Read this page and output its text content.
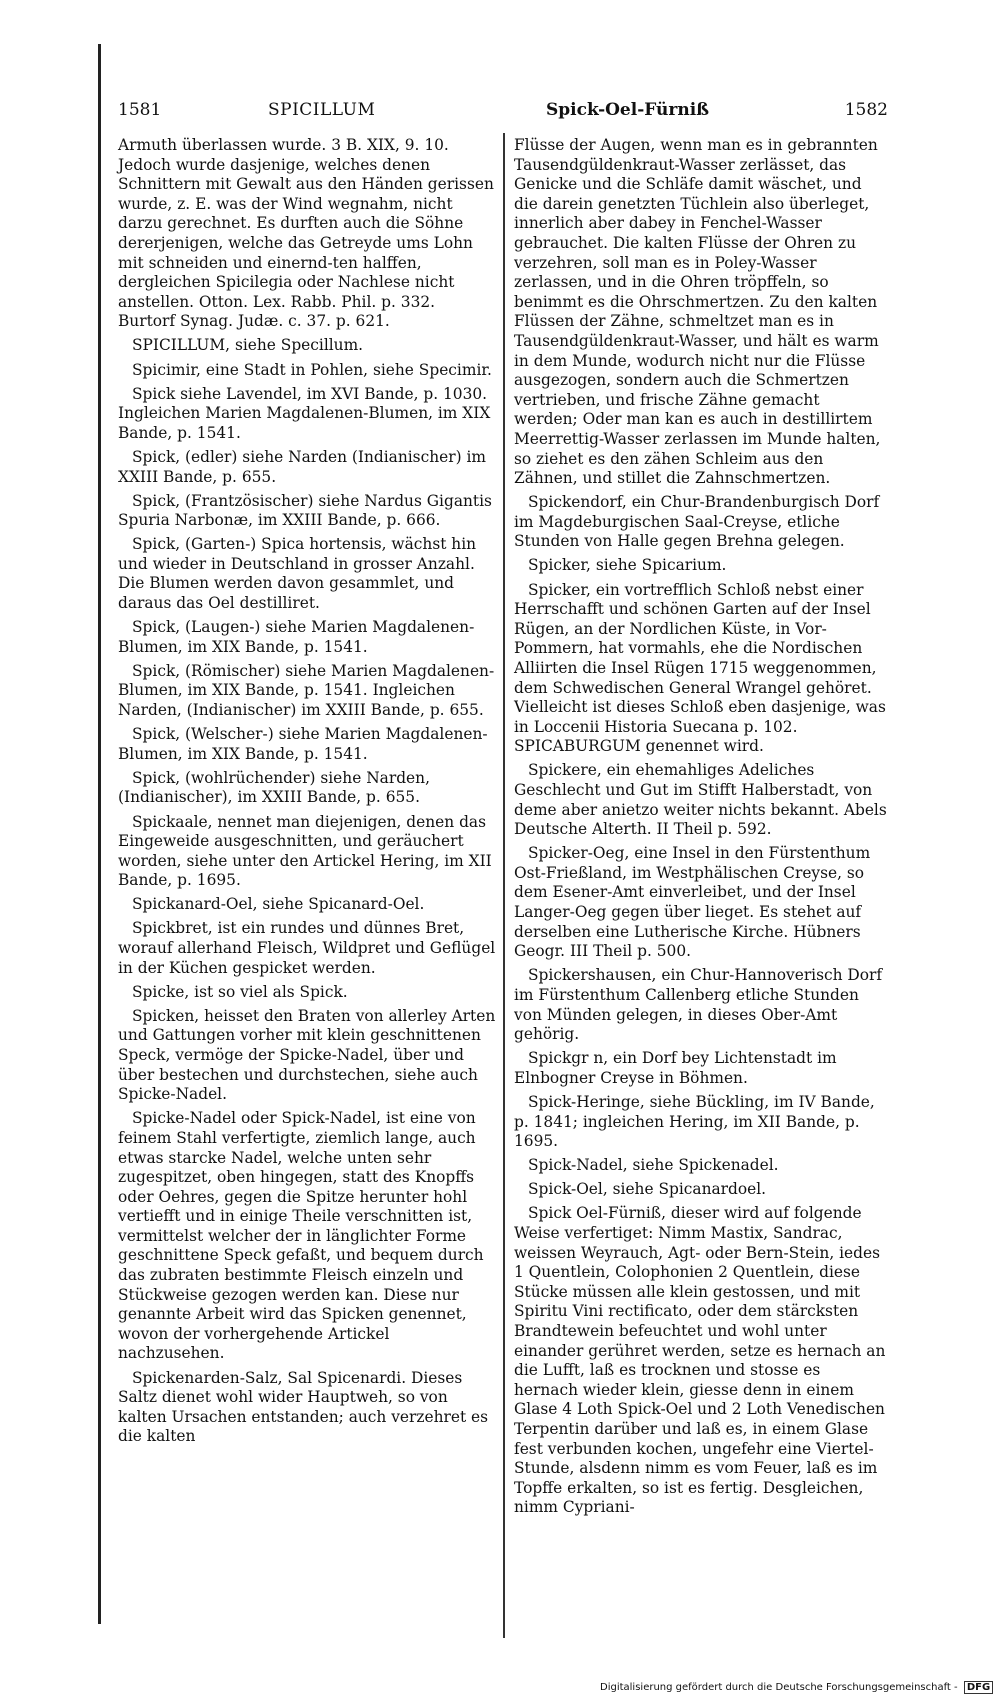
1581	SPICILLUM	Spick-Oel-Fürniß	1582

Armuth überlassen wurde. 3 B. XIX, 9. 10. Jedoch wurde dasjenige, welches denen Schnittern mit Gewalt aus den Händen gerissen wurde, z. E. was der Wind wegnahm, nicht darzu gerechnet. Es durften auch die Söhne dererjenigen, welche das Getreyde ums Lohn mit schneiden und einernd-ten halffen, dergleichen Spicilegia oder Nachlese nicht anstellen. Otton. Lex. Rabb. Phil. p. 332. Burtorf Synag. Judæ. c. 37. p. 621.

SPICILLUM, siehe Specillum.

Spicimir, eine Stadt in Pohlen, siehe Specimir.

Spick siehe Lavendel, im XVI Bande, p. 1030. Ingleichen Marien Magdalenen-Blumen, im XIX Bande, p. 1541.

Spick, (edler) siehe Narden (Indianischer) im XXIII Bande, p. 655.

Spick, (Frantzösischer) siehe Nardus Gigantis Spuria Narbonæ, im XXIII Bande, p. 666.

Spick, (Garten-) Spica hortensis, wächst hin und wieder in Deutschland in grosser Anzahl. Die Blumen werden davon gesammlet, und daraus das Oel destilliret.

Spick, (Laugen-) siehe Marien Magdalenen-Blumen, im XIX Bande, p. 1541.

Spick, (Römischer) siehe Marien Magdalenen-Blumen, im XIX Bande, p. 1541. Ingleichen Narden, (Indianischer) im XXIII Bande, p. 655.

Spick, (Welscher-) siehe Marien Magdalenen-Blumen, im XIX Bande, p. 1541.

Spick, (wohlrüchender) siehe Narden, (Indianischer), im XXIII Bande, p. 655.

Spickaale, nennet man diejenigen, denen das Eingeweide ausgeschnitten, und geräuchert worden, siehe unter den Artickel Hering, im XII Bande, p. 1695.

Spickanard-Oel, siehe Spicanard-Oel.

Spickbret, ist ein rundes und dünnes Bret, worauf allerhand Fleisch, Wildpret und Geflügel in der Küchen gespicket werden.

Spicke, ist so viel als Spick.

Spicken, heisset den Braten von allerley Arten und Gattungen vorher mit klein geschnittenen Speck, vermöge der Spicke-Nadel, über und über bestechen und durchstechen, siehe auch Spicke-Nadel.

Spicke-Nadel oder Spick-Nadel, ist eine von feinem Stahl verfertigte, ziemlich lange, auch etwas starcke Nadel, welche unten sehr zugespitzet, oben hingegen, statt des Knopffs oder Oehres, gegen die Spitze herunter hohl vertiefft und in einige Theile verschnitten ist, vermittelst welcher der in länglichter Forme geschnittene Speck gefaßt, und bequem durch das zubraten bestimmte Fleisch einzeln und Stückweise gezogen werden kan. Diese nur genannte Arbeit wird das Spicken genennet, wovon der vorhergehende Artickel nachzusehen.

Spickenarden-Salz, Sal Spicenardi. Dieses Saltz dienet wohl wider Hauptweh, so von kalten Ursachen entstanden; auch verzehret es die kalten

Flüsse der Augen, wenn man es in gebrannten Tausendgüldenkraut-Wasser zerlässet, das Genicke und die Schläfe damit wäschet, und die darein genetzten Tüchlein also überleget, innerlich aber dabey in Fenchel-Wasser gebrauchet. Die kalten Flüsse der Ohren zu verzehren, soll man es in Poley-Wasser zerlassen, und in die Ohren tröpffeln, so benimmt es die Ohrschmertzen. Zu den kalten Flüssen der Zähne, schmeltzet man es in Tausendgüldenkraut-Wasser, und hält es warm in dem Munde, wodurch nicht nur die Flüsse ausgezogen, sondern auch die Schmertzen vertrieben, und frische Zähne gemacht werden; Oder man kan es auch in destillirtem Meerrettig-Wasser zerlassen im Munde halten, so ziehet es den zähen Schleim aus den Zähnen, und stillet die Zahnschmertzen.

Spickendorf, ein Chur-Brandenburgisch Dorf im Magdeburgischen Saal-Creyse, etliche Stunden von Halle gegen Brehna gelegen.

Spicker, siehe Spicarium.

Spicker, ein vortrefflich Schloß nebst einer Herrschafft und schönen Garten auf der Insel Rügen, an der Nordlichen Küste, in Vor-Pommern, hat vormahls, ehe die Nordischen Alliirten die Insel Rügen 1715 weggenommen, dem Schwedischen General Wrangel gehöret. Vielleicht ist dieses Schloß eben dasjenige, was in Loccenii Historia Suecana p. 102. SPICABURGUM genennet wird.

Spickere, ein ehemahliges Adeliches Geschlecht und Gut im Stifft Halberstadt, von deme aber anietzo weiter nichts bekannt. Abels Deutsche Alterth. II Theil p. 592.

Spicker-Oeg, eine Insel in den Fürstenthum Ost-Frießland, im Westphälischen Creyse, so dem Esener-Amt einverleibet, und der Insel Langer-Oeg gegen über lieget. Es stehet auf derselben eine Lutherische Kirche. Hübners Geogr. III Theil p. 500.

Spickershausen, ein Chur-Hannoverisch Dorf im Fürstenthum Callenberg etliche Stunden von Münden gelegen, in dieses Ober-Amt gehörig.

Spickgr n, ein Dorf bey Lichtenstadt im Elnbogner Creyse in Böhmen.

Spick-Heringe, siehe Bückling, im IV Bande, p. 1841; ingleichen Hering, im XII Bande, p. 1695.

Spick-Nadel, siehe Spickenadel.

Spick-Oel, siehe Spicanardoel.

Spick Oel-Fürniß, dieser wird auf folgende Weise verfertiget: Nimm Mastix, Sandrac, weissen Weyrauch, Agt- oder Bern-Stein, iedes 1 Quentlein, Colophonien 2 Quentlein, diese Stücke müssen alle klein gestossen, und mit Spiritu Vini rectificato, oder dem stärcksten Brandtewein befeuchtet und wohl unter einander gerühret werden, setze es hernach an die Lufft, laß es trocknen und stosse es hernach wieder klein, giesse denn in einem Glase 4 Loth Spick-Oel und 2 Loth Venedischen Terpentin darüber und laß es, in einem Glase fest verbunden kochen, ungefehr eine Viertel-Stunde, alsdenn nimm es vom Feuer, laß es im Topffe erkalten, so ist es fertig. Desgleichen, nimm Cypriani-

Digitalisierung gefördert durch die Deutsche Forschungsgemeinschaft - DFG
